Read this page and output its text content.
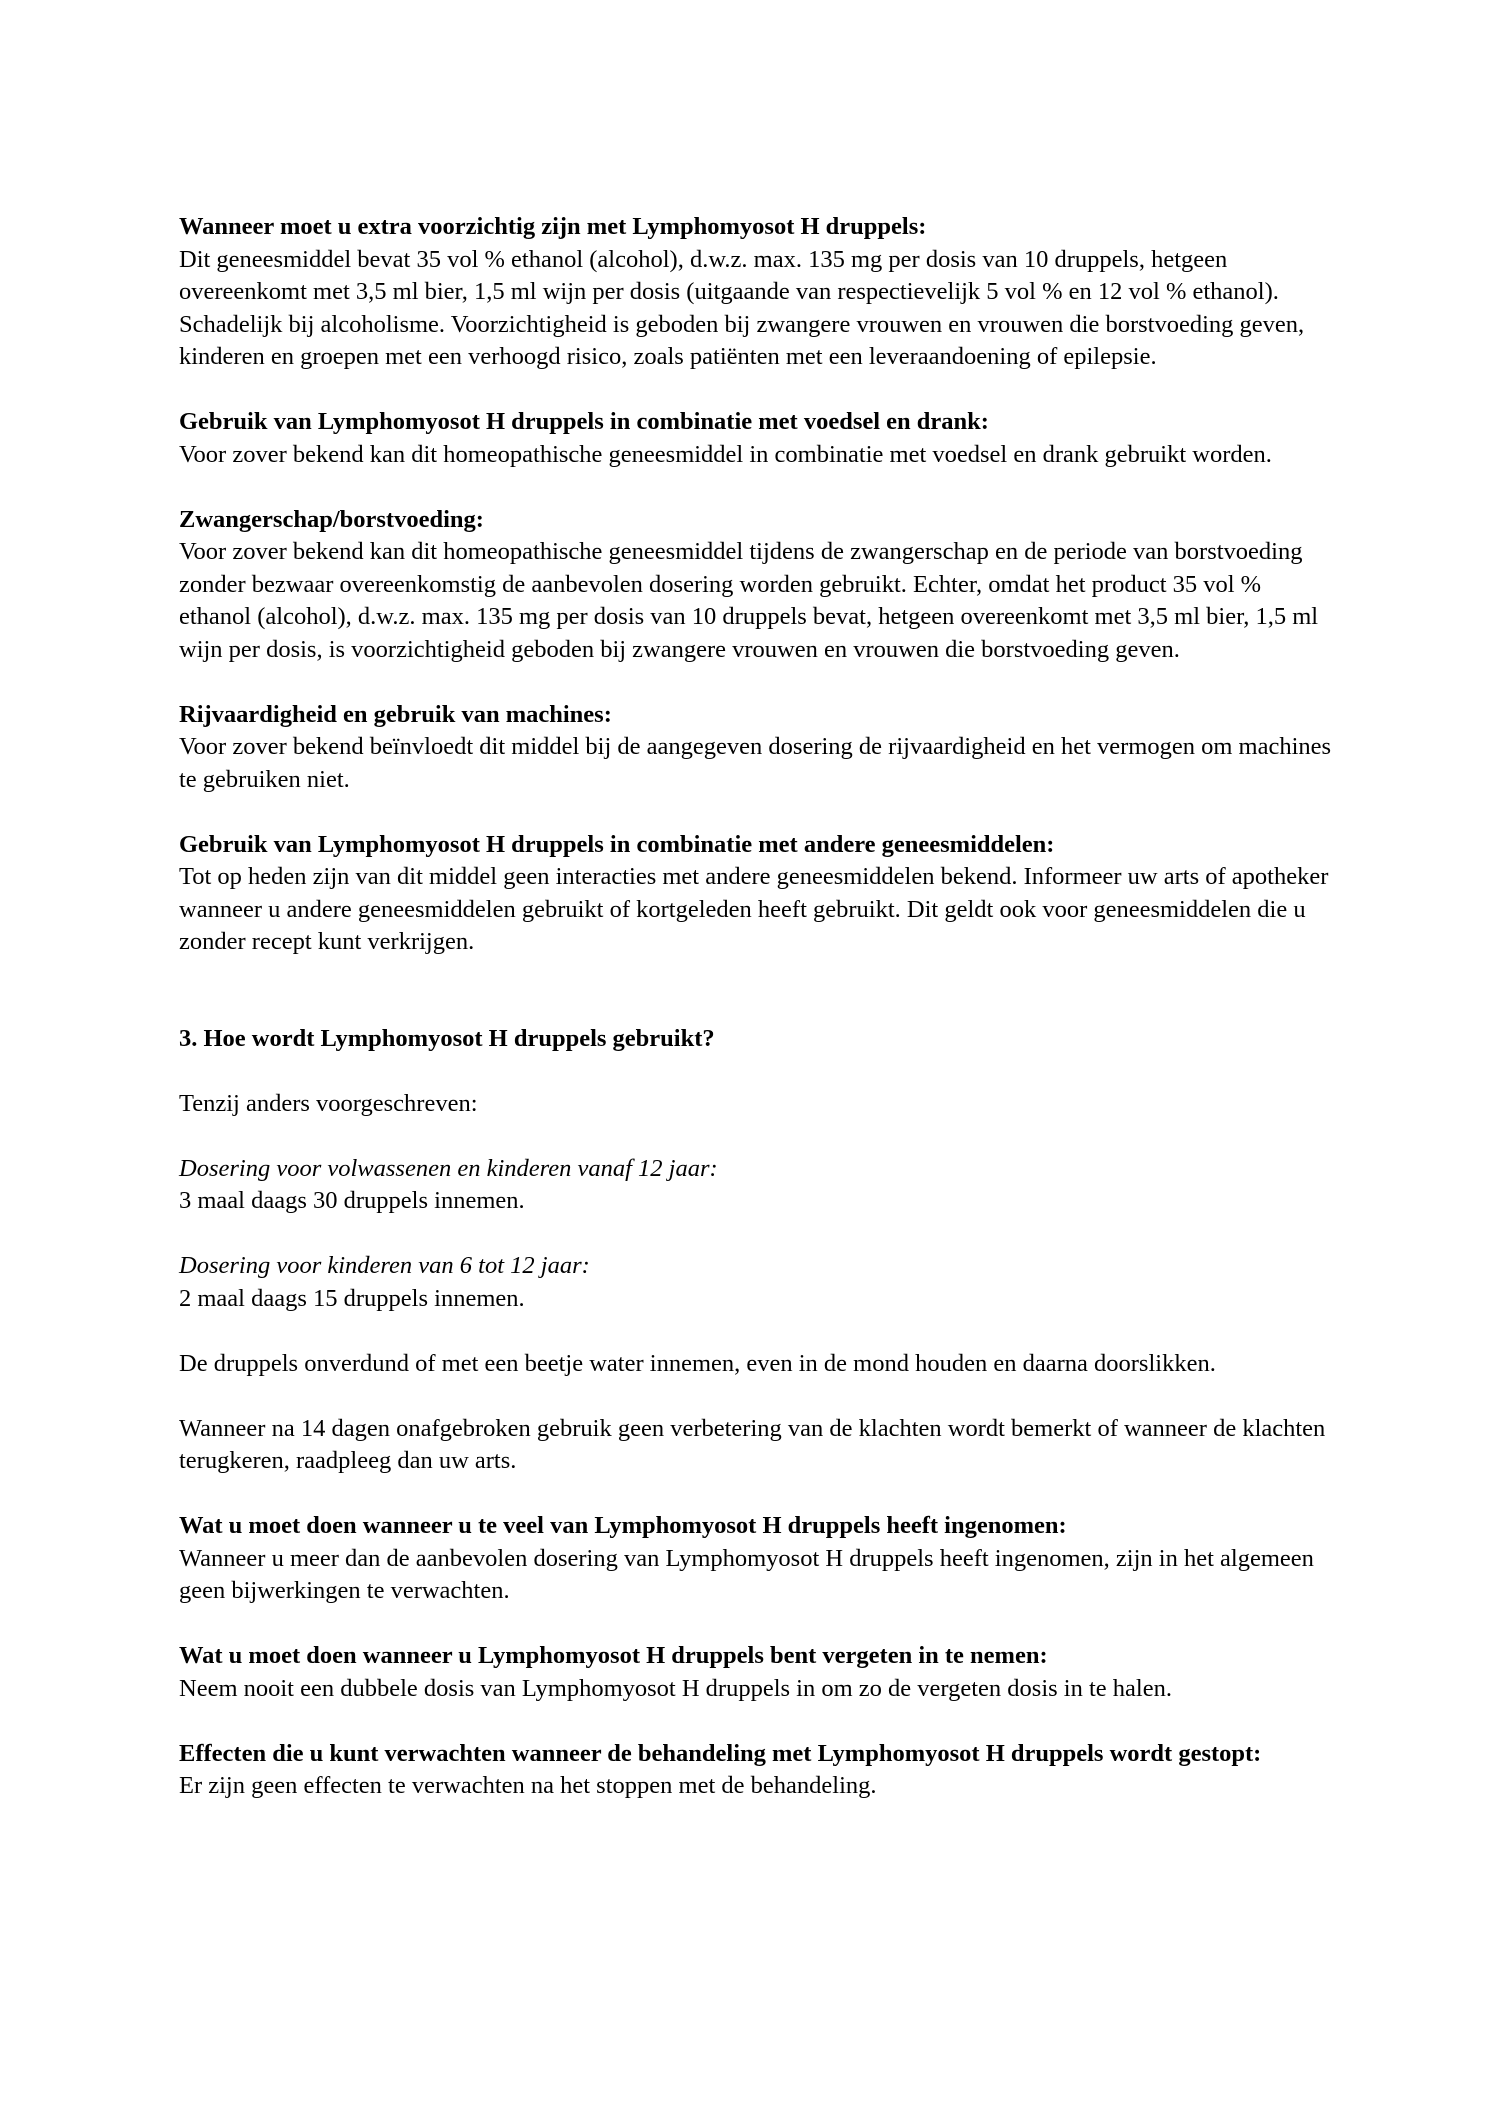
Wanneer moet u extra voorzichtig zijn met Lymphomyosot H druppels:

Dit geneesmiddel bevat 35 vol % ethanol (alcohol), d.w.z. max. 135 mg per dosis van 10 druppels, hetgeen overeenkomt met 3,5 ml bier, 1,5 ml wijn per dosis (uitgaande van respectievelijk 5 vol % en 12 vol % ethanol). Schadelijk bij alcoholisme. Voorzichtigheid is geboden bij zwangere vrouwen en vrouwen die borstvoeding geven, kinderen en groepen met een verhoogd risico, zoals patiënten met een leveraandoening of epilepsie.

Gebruik van Lymphomyosot H druppels in combinatie met voedsel en drank:

Voor zover bekend kan dit homeopathische geneesmiddel in combinatie met voedsel en drank gebruikt worden.

Zwangerschap/borstvoeding:

Voor zover bekend kan dit homeopathische geneesmiddel tijdens de zwangerschap en de periode van borstvoeding zonder bezwaar overeenkomstig de aanbevolen dosering worden gebruikt. Echter, omdat het product 35 vol % ethanol (alcohol), d.w.z. max. 135 mg per dosis van 10 druppels bevat, hetgeen overeenkomt met 3,5 ml bier, 1,5 ml wijn per dosis, is voorzichtigheid geboden bij zwangere vrouwen en vrouwen die borstvoeding geven.

Rijvaardigheid en gebruik van machines:

Voor zover bekend beïnvloedt dit middel bij de aangegeven dosering de rijvaardigheid en het vermogen om machines te gebruiken niet.

Gebruik van Lymphomyosot H druppels in combinatie met andere geneesmiddelen:

Tot op heden zijn van dit middel geen interacties met andere geneesmiddelen bekend. Informeer uw arts of apotheker wanneer u andere geneesmiddelen gebruikt of kortgeleden heeft gebruikt. Dit geldt ook voor geneesmiddelen die u zonder recept kunt verkrijgen.

3. Hoe wordt Lymphomyosot H druppels gebruikt?

Tenzij anders voorgeschreven:

Dosering voor volwassenen en kinderen vanaf 12 jaar:

3 maal daags 30 druppels innemen.

Dosering voor kinderen van 6 tot 12 jaar:

2 maal daags 15 druppels innemen.

De druppels onverdund of met een beetje water innemen, even in de mond houden en daarna doorslikken.

Wanneer na 14 dagen onafgebroken gebruik geen verbetering van de klachten wordt bemerkt of wanneer de klachten terugkeren, raadpleeg dan uw arts.

Wat u moet doen wanneer u te veel van Lymphomyosot H druppels heeft ingenomen:

Wanneer u meer dan de aanbevolen dosering van Lymphomyosot H druppels heeft ingenomen, zijn in het algemeen geen bijwerkingen te verwachten.

Wat u moet doen wanneer u Lymphomyosot H druppels bent vergeten in te nemen:

Neem nooit een dubbele dosis van Lymphomyosot H druppels in om zo de vergeten dosis in te halen.

Effecten die u kunt verwachten wanneer de behandeling met Lymphomyosot H druppels wordt gestopt:

Er zijn geen effecten te verwachten na het stoppen met de behandeling.
